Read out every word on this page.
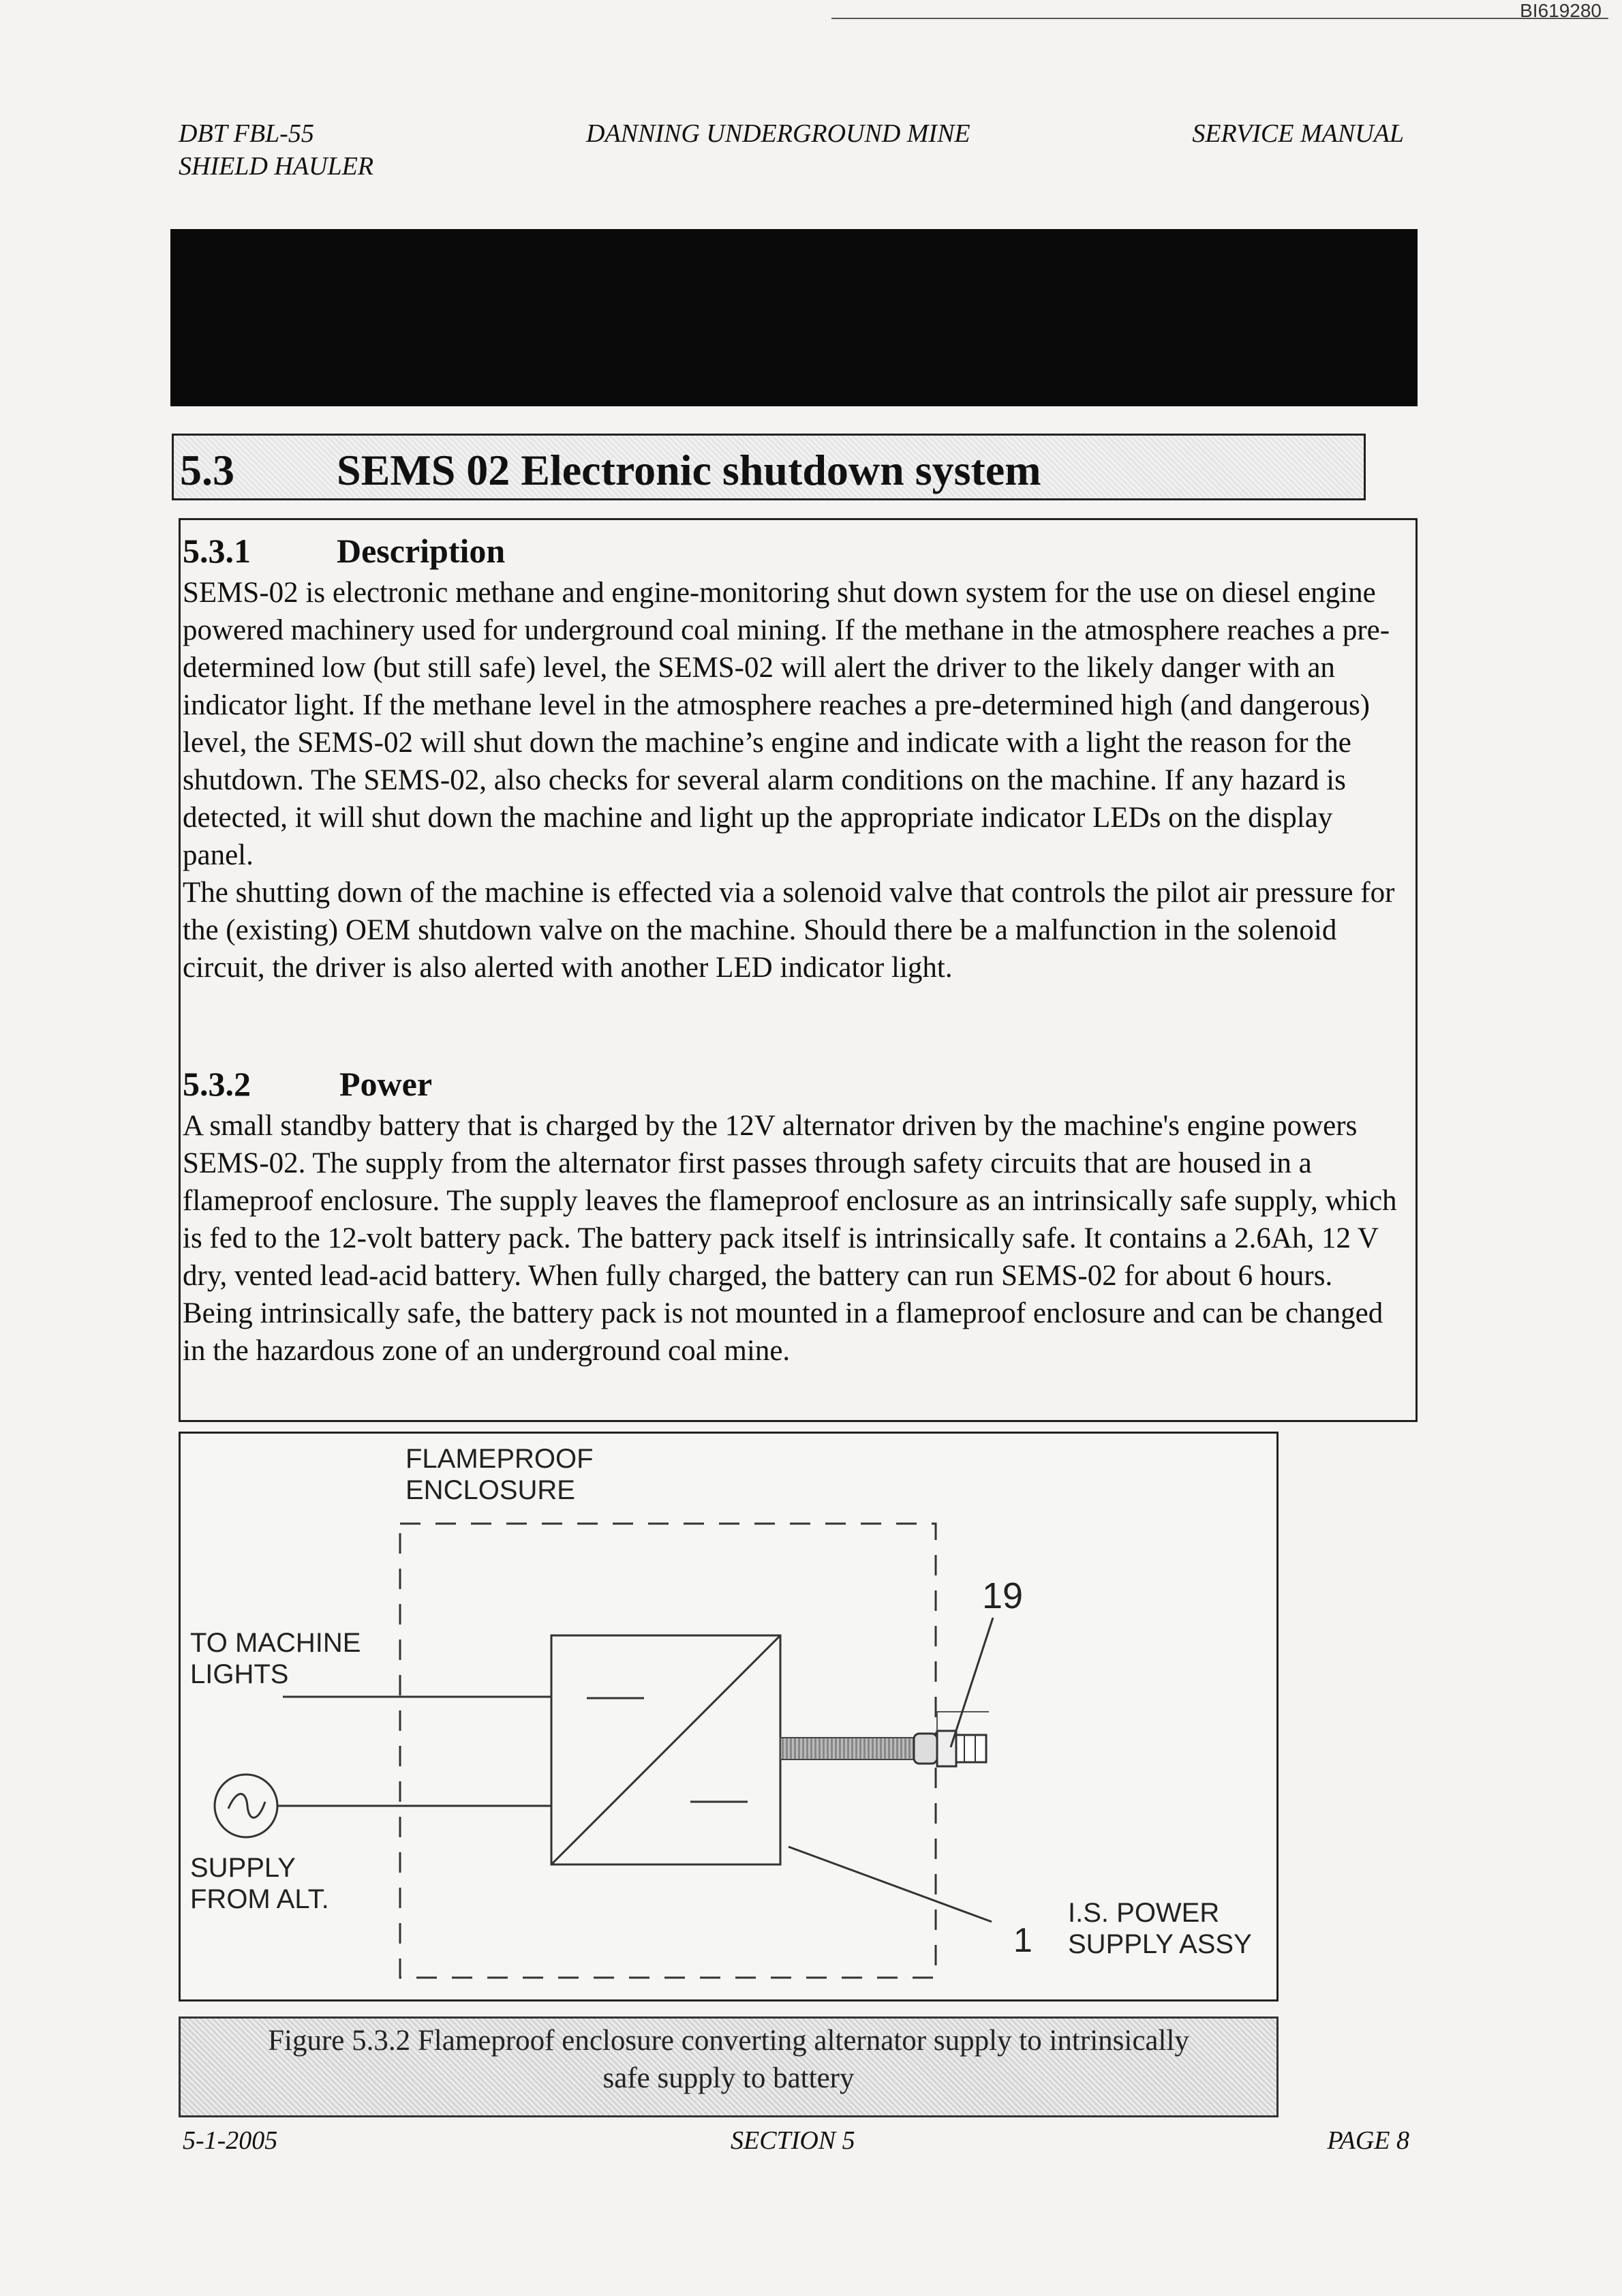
BI619280
DBT FBL-55
SHIELD HAULER
DANNING UNDERGROUND MINE	SERVICE MANUAL
5.3 SEMS 02 Electronic shutdown system
5.3.1	Description

SEMS-02 is electronic methane and engine-monitoring shut down system for the use on diesel engine powered machinery used for underground coal mining. If the methane in the atmosphere reaches a pre-determined low (but still safe) level, the SEMS-02 will alert the driver to the likely danger with an indicator light. If the methane level in the atmosphere reaches a pre-determined high (and dangerous) level, the SEMS-02 will shut down the machine’s engine and indicate with a light the reason for the shutdown. The SEMS-02, also checks for several alarm conditions on the machine. If any hazard is detected, it will shut down the machine and light up the appropriate indicator LEDs on the display panel.

The shutting down of the machine is effected via a solenoid valve that controls the pilot air pressure for the (existing) OEM shutdown valve on the machine. Should there be a malfunction in the solenoid circuit, the driver is also alerted with another LED indicator light.

5.3.2	Power

A small standby battery that is charged by the 12V alternator driven by the machine's engine powers SEMS-02. The supply from the alternator first passes through safety circuits that are housed in a flameproof enclosure. The supply leaves the flameproof enclosure as an intrinsically safe supply, which is fed to the 12-volt battery pack. The battery pack itself is intrinsically safe. It contains a 2.6Ah, 12 V dry, vented lead-acid battery. When fully charged, the battery can run SEMS-02 for about 6 hours. Being intrinsically safe, the battery pack is not mounted in a flameproof enclosure and can be changed in the hazardous zone of an underground coal mine.

FLAMEPROOF
ENCLOSURE
TO MACHINE
LIGHTS
SUPPLY
FROM ALT.
19
1
I.S. POWER
SUPPLY ASSY
Figure 5.3.2 Flameproof enclosure converting alternator supply to intrinsically
safe supply to battery
5-1-2005	SECTION 5	PAGE 8
